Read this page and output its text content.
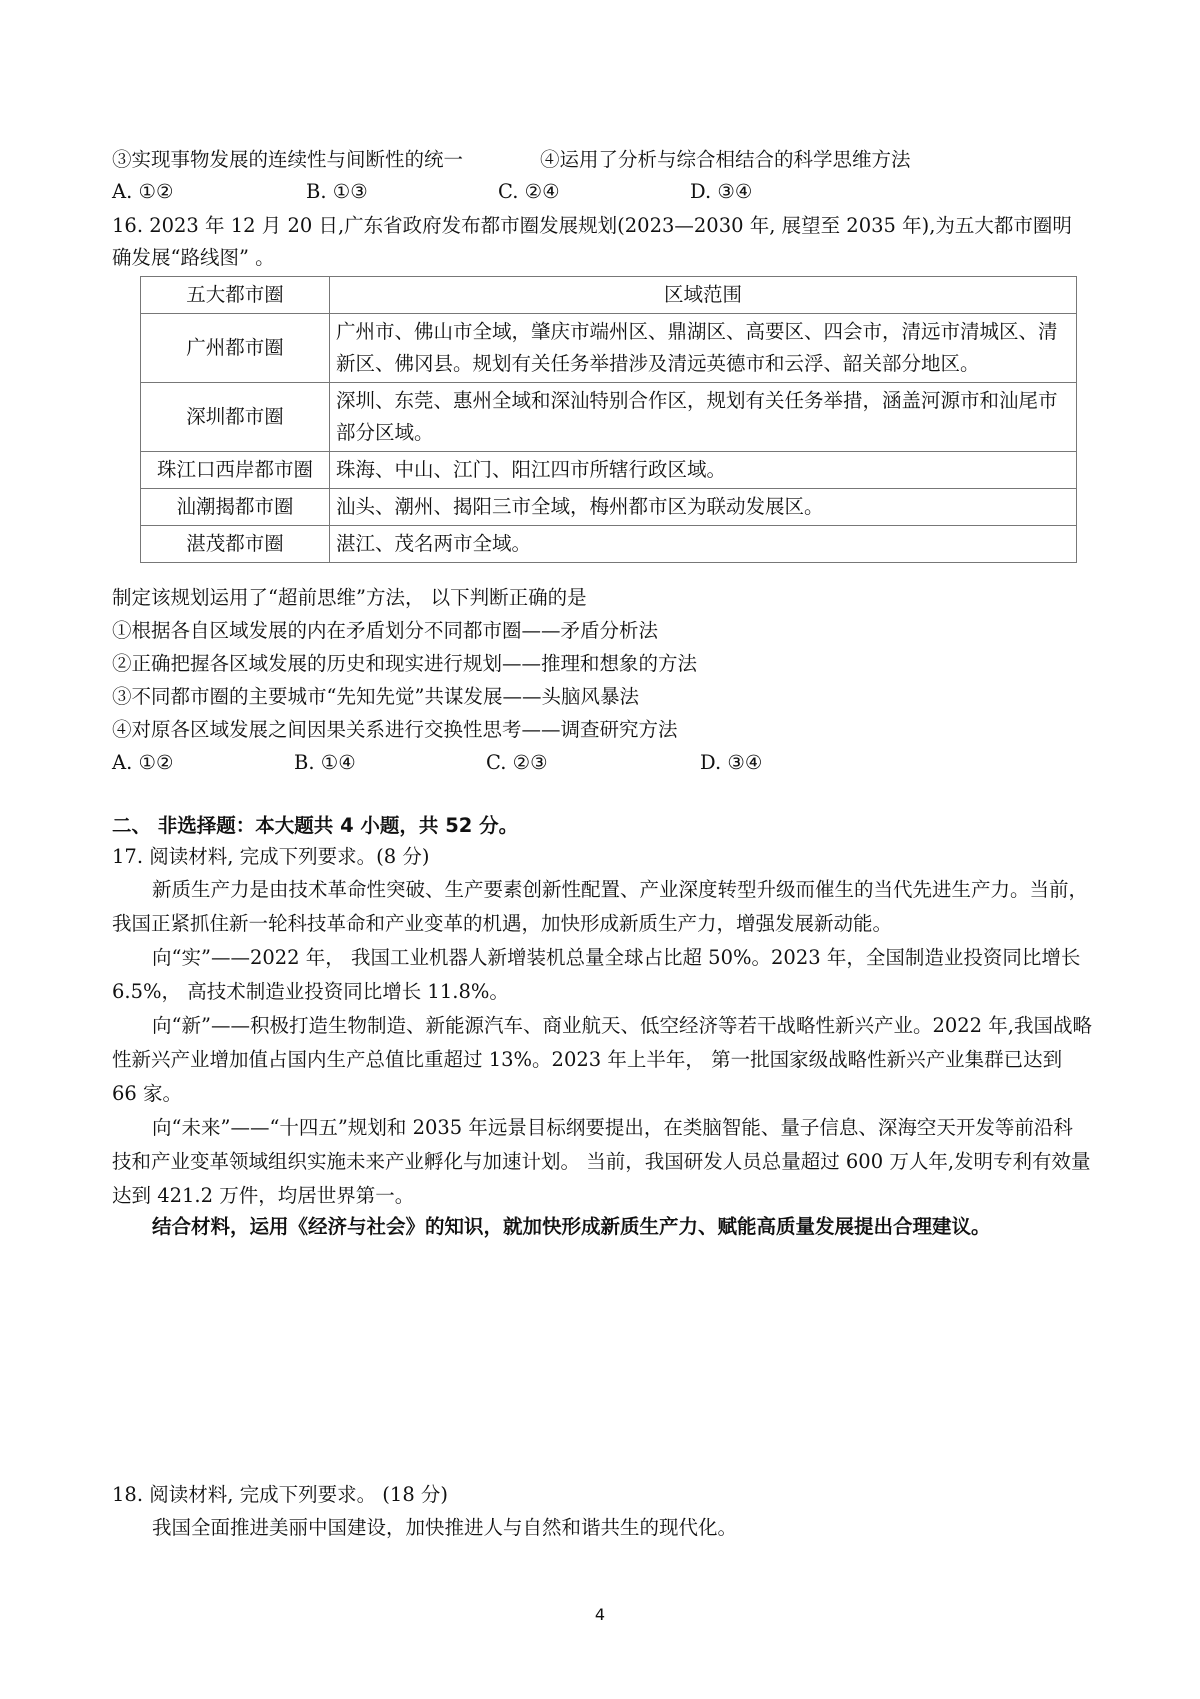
③实现事物发展的连续性与间断性的统一	④运用了分析与综合相结合的科学思维方法
A. ①②	B. ①③	C. ②④	D. ③④
16. 2023 年 12 月 20 日,广东省政府发布都市圈发展规划(2023—2030 年, 展望至 2035 年),为五大都市圈明
确发展“路线图” 。
五大都市圈	区域范围
广州都市圈	广州市、佛山市全域，肇庆市端州区、鼎湖区、高要区、四会市，清远市清城区、清新区、佛冈县。规划有关任务举措涉及清远英德市和云浮、韶关部分地区。
深圳都市圈	深圳、东莞、惠州全域和深汕特别合作区，规划有关任务举措，涵盖河源市和汕尾市部分区域。
珠江口西岸都市圈	珠海、中山、江门、阳江四市所辖行政区域。
汕潮揭都市圈	汕头、潮州、揭阳三市全域，梅州都市区为联动发展区。
湛茂都市圈	湛江、茂名两市全域。
制定该规划运用了“超前思维”方法， 以下判断正确的是
①根据各自区域发展的内在矛盾划分不同都市圈——矛盾分析法
②正确把握各区域发展的历史和现实进行规划——推理和想象的方法
③不同都市圈的主要城市“先知先觉”共谋发展——头脑风暴法
④对原各区域发展之间因果关系进行交换性思考——调查研究方法
A. ①②	B. ①④	C. ②③	D. ③④
二、 非选择题：本大题共 4 小题，共 52 分。
17. 阅读材料, 完成下列要求。(8 分)
新质生产力是由技术革命性突破、生产要素创新性配置、产业深度转型升级而催生的当代先进生产力。当前，我国正紧抓住新一轮科技革命和产业变革的机遇，加快形成新质生产力，增强发展新动能。
向“实”——2022 年， 我国工业机器人新增装机总量全球占比超 50%。2023 年，全国制造业投资同比增长 6.5%， 高技术制造业投资同比增长 11.8%。
向“新”——积极打造生物制造、新能源汽车、商业航天、低空经济等若干战略性新兴产业。2022 年,我国战略性新兴产业增加值占国内生产总值比重超过 13%。2023 年上半年， 第一批国家级战略性新兴产业集群已达到 66 家。
向“未来”——“十四五”规划和 2035 年远景目标纲要提出，在类脑智能、量子信息、深海空天开发等前沿科技和产业变革领域组织实施未来产业孵化与加速计划。 当前，我国研发人员总量超过 600 万人年,发明专利有效量达到 421.2 万件，均居世界第一。
结合材料，运用《经济与社会》的知识，就加快形成新质生产力、赋能高质量发展提出合理建议。
18. 阅读材料, 完成下列要求。 (18 分)
我国全面推进美丽中国建设，加快推进人与自然和谐共生的现代化。
4
